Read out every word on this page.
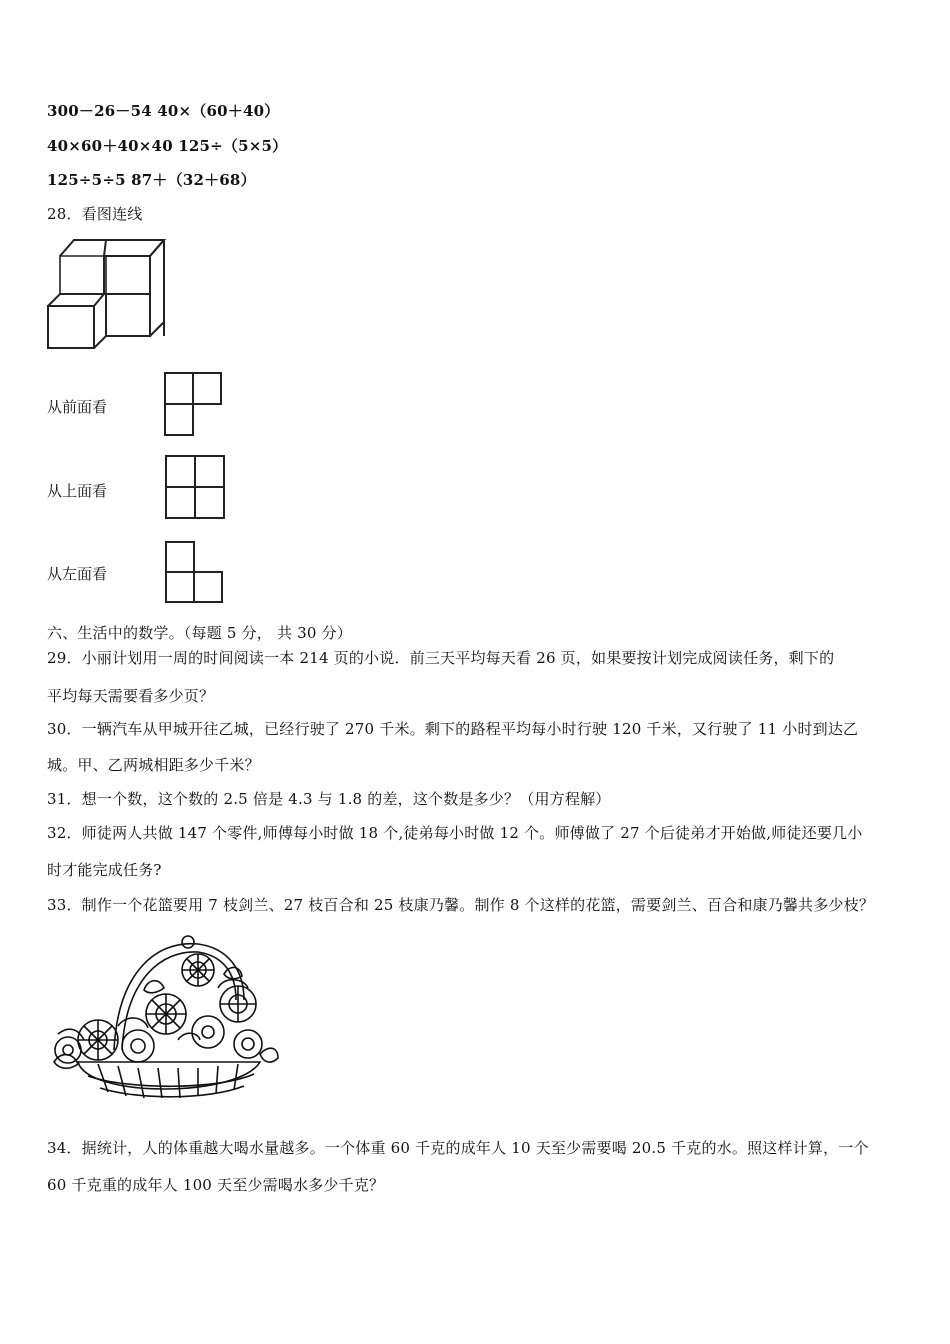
300－26－54 40×（60＋40）
40×60＋40×40 125÷（5×5）
125÷5÷5 87＋（32＋68）
28．看图连线
从前面看
从上面看
从左面看
六、生活中的数学。（每题 5 分， 共 30 分）
29．小丽计划用一周的时间阅读一本 214 页的小说．前三天平均每天看 26 页，如果要按计划完成阅读任务，剩下的
平均每天需要看多少页？
30．一辆汽车从甲城开往乙城，已经行驶了 270 千米。剩下的路程平均每小时行驶 120 千米，又行驶了 11 小时到达乙
城。甲、乙两城相距多少千米？
31．想一个数，这个数的 2.5 倍是 4.3 与 1.8 的差，这个数是多少？（用方程解）
32．师徒两人共做 147 个零件,师傅每小时做 18 个,徒弟每小时做 12 个。师傅做了 27 个后徒弟才开始做,师徒还要几小
时才能完成任务?
33．制作一个花篮要用 7 枝剑兰、27 枝百合和 25 枝康乃馨。制作 8 个这样的花篮，需要剑兰、百合和康乃馨共多少枝？
34．据统计，人的体重越大喝水量越多。一个体重 60 千克的成年人 10 天至少需要喝 20.5 千克的水。照这样计算，一个
60 千克重的成年人 100 天至少需喝水多少千克？
